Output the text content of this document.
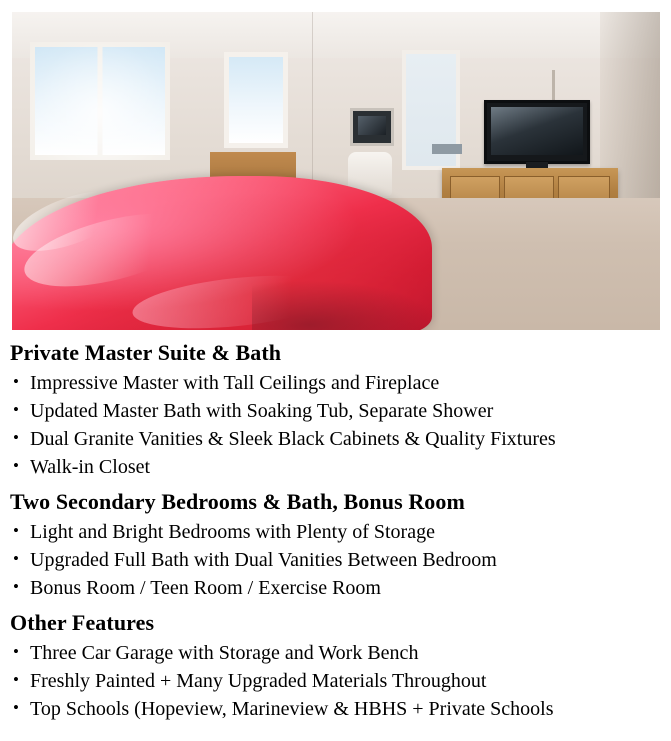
Private Master Suite & Bath
• Impressive Master with Tall Ceilings and Fireplace
• Updated Master Bath with Soaking Tub, Separate Shower
• Dual Granite Vanities & Sleek Black Cabinets & Quality Fixtures
• Walk-in Closet
Two Secondary Bedrooms & Bath, Bonus Room
• Light and Bright Bedrooms with Plenty of Storage
• Upgraded Full Bath with Dual Vanities Between Bedroom
• Bonus Room / Teen Room / Exercise Room
Other Features
• Three Car Garage with Storage and Work Bench
• Freshly Painted + Many Upgraded Materials Throughout
• Top Schools (Hopeview, Marineview & HBHS + Private Schools
